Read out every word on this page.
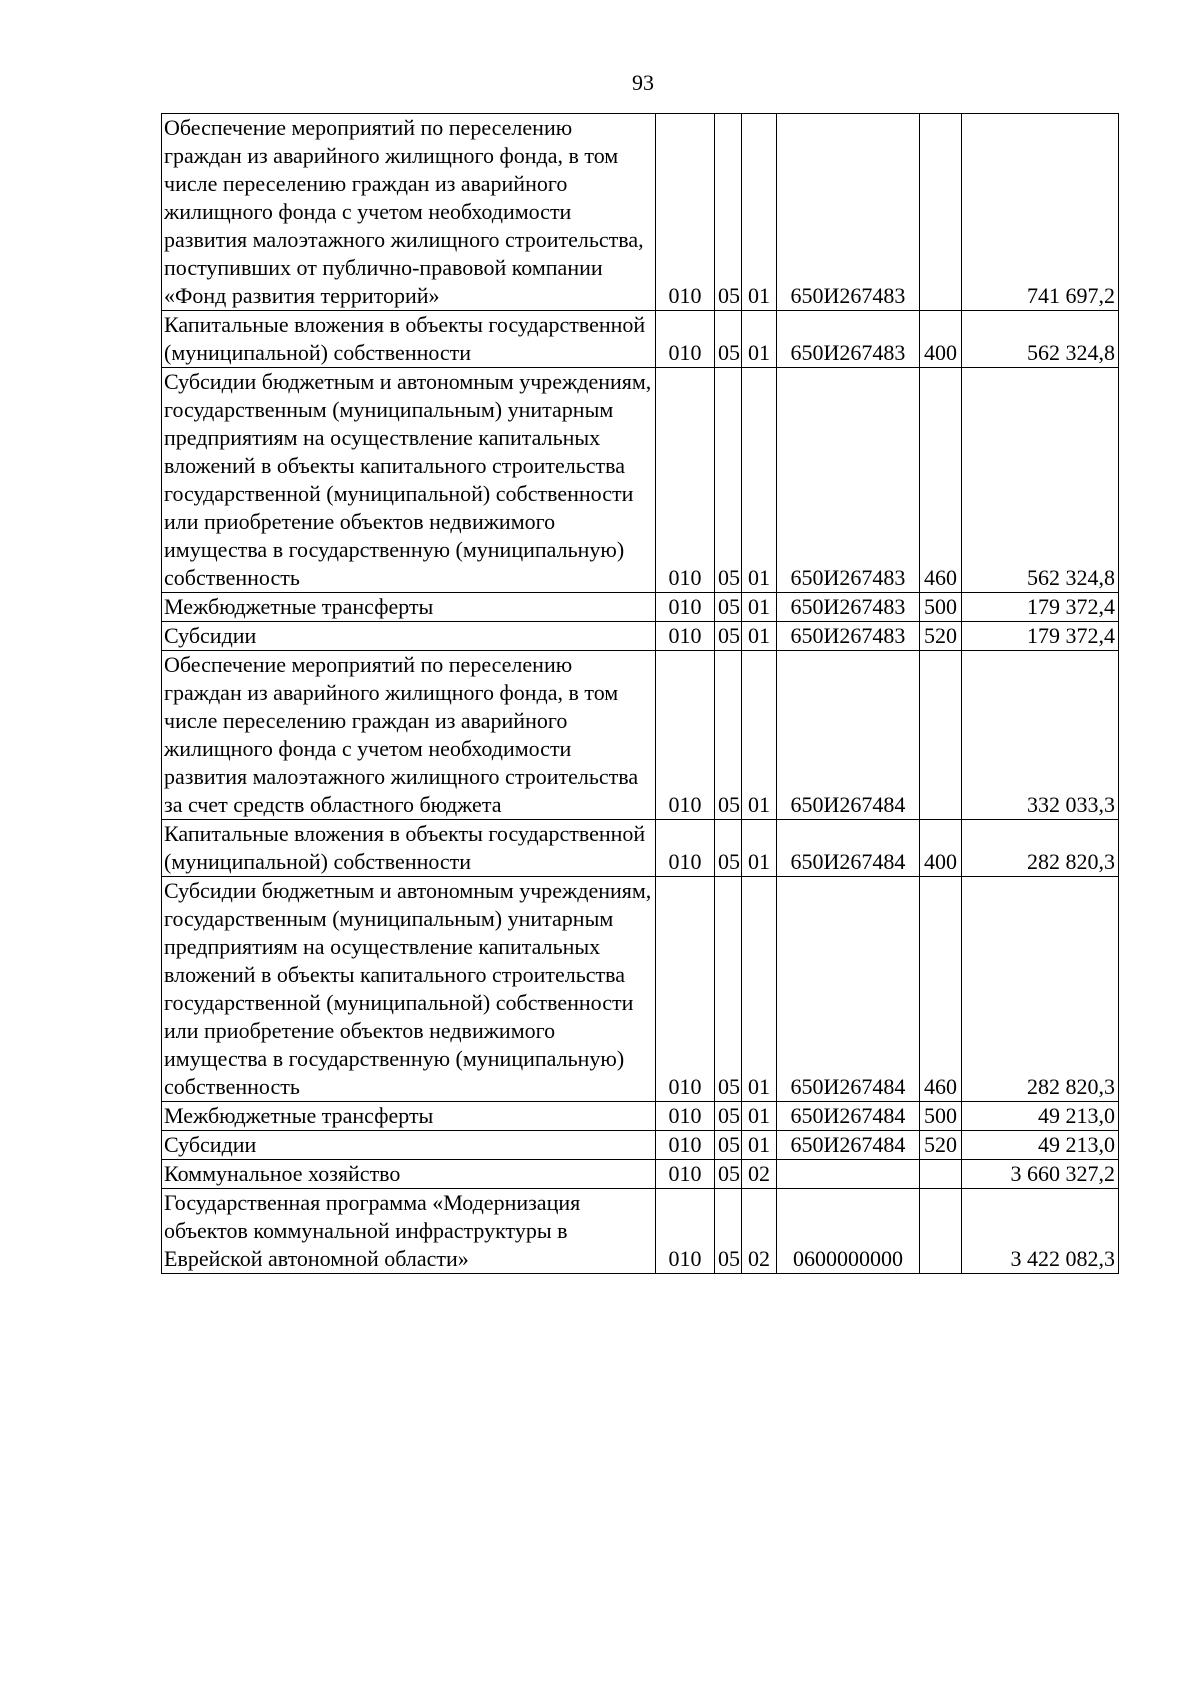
93
Обеспечение мероприятий по переселению граждан из аварийного жилищного фонда, в том числе переселению граждан из аварийного жилищного фонда с учетом необходимости развития малоэтажного жилищного строительства, поступивших от публично-правовой компании «Фонд развития территорий»	010	05	01	650И267483		741 697,2
Капитальные вложения в объекты государственной (муниципальной) собственности	010	05	01	650И267483	400	562 324,8
Субсидии бюджетным и автономным учреждениям, государственным (муниципальным) унитарным предприятиям на осуществление капитальных вложений в объекты капитального строительства государственной (муниципальной) собственности или приобретение объектов недвижимого имущества в государственную (муниципальную) собственность	010	05	01	650И267483	460	562 324,8
Межбюджетные трансферты	010	05	01	650И267483	500	179 372,4
Субсидии	010	05	01	650И267483	520	179 372,4
Обеспечение мероприятий по переселению граждан из аварийного жилищного фонда, в том числе переселению граждан из аварийного жилищного фонда с учетом необходимости развития малоэтажного жилищного строительства за счет средств областного бюджета	010	05	01	650И267484		332 033,3
Капитальные вложения в объекты государственной (муниципальной) собственности	010	05	01	650И267484	400	282 820,3
Субсидии бюджетным и автономным учреждениям, государственным (муниципальным) унитарным предприятиям на осуществление капитальных вложений в объекты капитального строительства государственной (муниципальной) собственности или приобретение объектов недвижимого имущества в государственную (муниципальную) собственность	010	05	01	650И267484	460	282 820,3
Межбюджетные трансферты	010	05	01	650И267484	500	49 213,0
Субсидии	010	05	01	650И267484	520	49 213,0
Коммунальное хозяйство	010	05	02			3 660 327,2
Государственная программа «Модернизация объектов коммунальной инфраструктуры в Еврейской автономной области»	010	05	02	0600000000		3 422 082,3
